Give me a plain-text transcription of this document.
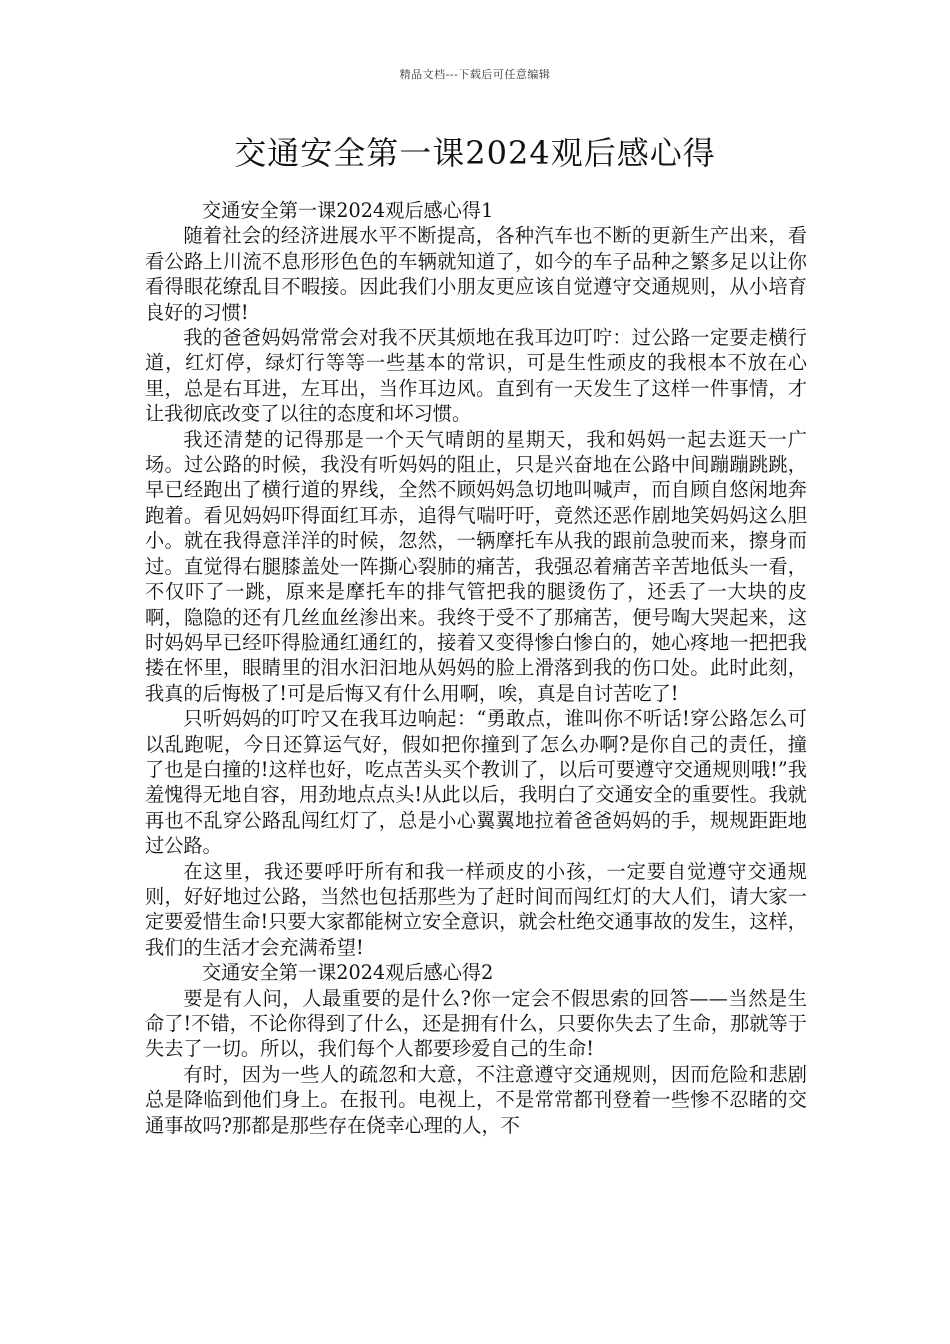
精品文档---下载后可任意编辑
交通安全第一课2024观后感心得
交通安全第一课2024观后感心得1

随着社会的经济进展水平不断提高，各种汽车也不断的更新生产出来，看看公路上川流不息形形色色的车辆就知道了，如今的车子品种之繁多足以让你看得眼花缭乱目不暇接。因此我们小朋友更应该自觉遵守交通规则，从小培育良好的习惯!

我的爸爸妈妈常常会对我不厌其烦地在我耳边叮咛：过公路一定要走横行道，红灯停，绿灯行等等一些基本的常识，可是生性顽皮的我根本不放在心里，总是右耳进，左耳出，当作耳边风。直到有一天发生了这样一件事情，才让我彻底改变了以往的态度和坏习惯。

我还清楚的记得那是一个天气晴朗的星期天，我和妈妈一起去逛天一广场。过公路的时候，我没有听妈妈的阻止，只是兴奋地在公路中间蹦蹦跳跳，早已经跑出了横行道的界线，全然不顾妈妈急切地叫喊声，而自顾自悠闲地奔跑着。看见妈妈吓得面红耳赤，追得气喘吁吁，竟然还恶作剧地笑妈妈这么胆小。就在我得意洋洋的时候，忽然，一辆摩托车从我的跟前急驶而来，擦身而过。直觉得右腿膝盖处一阵撕心裂肺的痛苦，我强忍着痛苦辛苦地低头一看，不仅吓了一跳，原来是摩托车的排气管把我的腿烫伤了，还丢了一大块的皮啊，隐隐的还有几丝血丝渗出来。我终于受不了那痛苦，便号啕大哭起来，这时妈妈早已经吓得脸通红通红的，接着又变得惨白惨白的，她心疼地一把把我搂在怀里，眼睛里的泪水汩汩地从妈妈的脸上滑落到我的伤口处。此时此刻，我真的后悔极了!可是后悔又有什么用啊，唉，真是自讨苦吃了!

只听妈妈的叮咛又在我耳边响起：“勇敢点，谁叫你不听话!穿公路怎么可以乱跑呢，今日还算运气好，假如把你撞到了怎么办啊?是你自己的责任，撞了也是白撞的!这样也好，吃点苦头买个教训了，以后可要遵守交通规则哦!”我羞愧得无地自容，用劲地点点头!从此以后，我明白了交通安全的重要性。我就再也不乱穿公路乱闯红灯了，总是小心翼翼地拉着爸爸妈妈的手，规规距距地过公路。

在这里，我还要呼吁所有和我一样顽皮的小孩，一定要自觉遵守交通规则，好好地过公路，当然也包括那些为了赶时间而闯红灯的大人们，请大家一定要爱惜生命!只要大家都能树立安全意识，就会杜绝交通事故的发生，这样，我们的生活才会充满希望!

交通安全第一课2024观后感心得2

要是有人问，人最重要的是什么?你一定会不假思索的回答——当然是生命了!不错，不论你得到了什么，还是拥有什么，只要你失去了生命，那就等于失去了一切。所以，我们每个人都要珍爱自己的生命!

有时，因为一些人的疏忽和大意，不注意遵守交通规则，因而危险和悲剧总是降临到他们身上。在报刊。电视上，不是常常都刊登着一些惨不忍睹的交通事故吗?那都是那些存在侥幸心理的人，不
